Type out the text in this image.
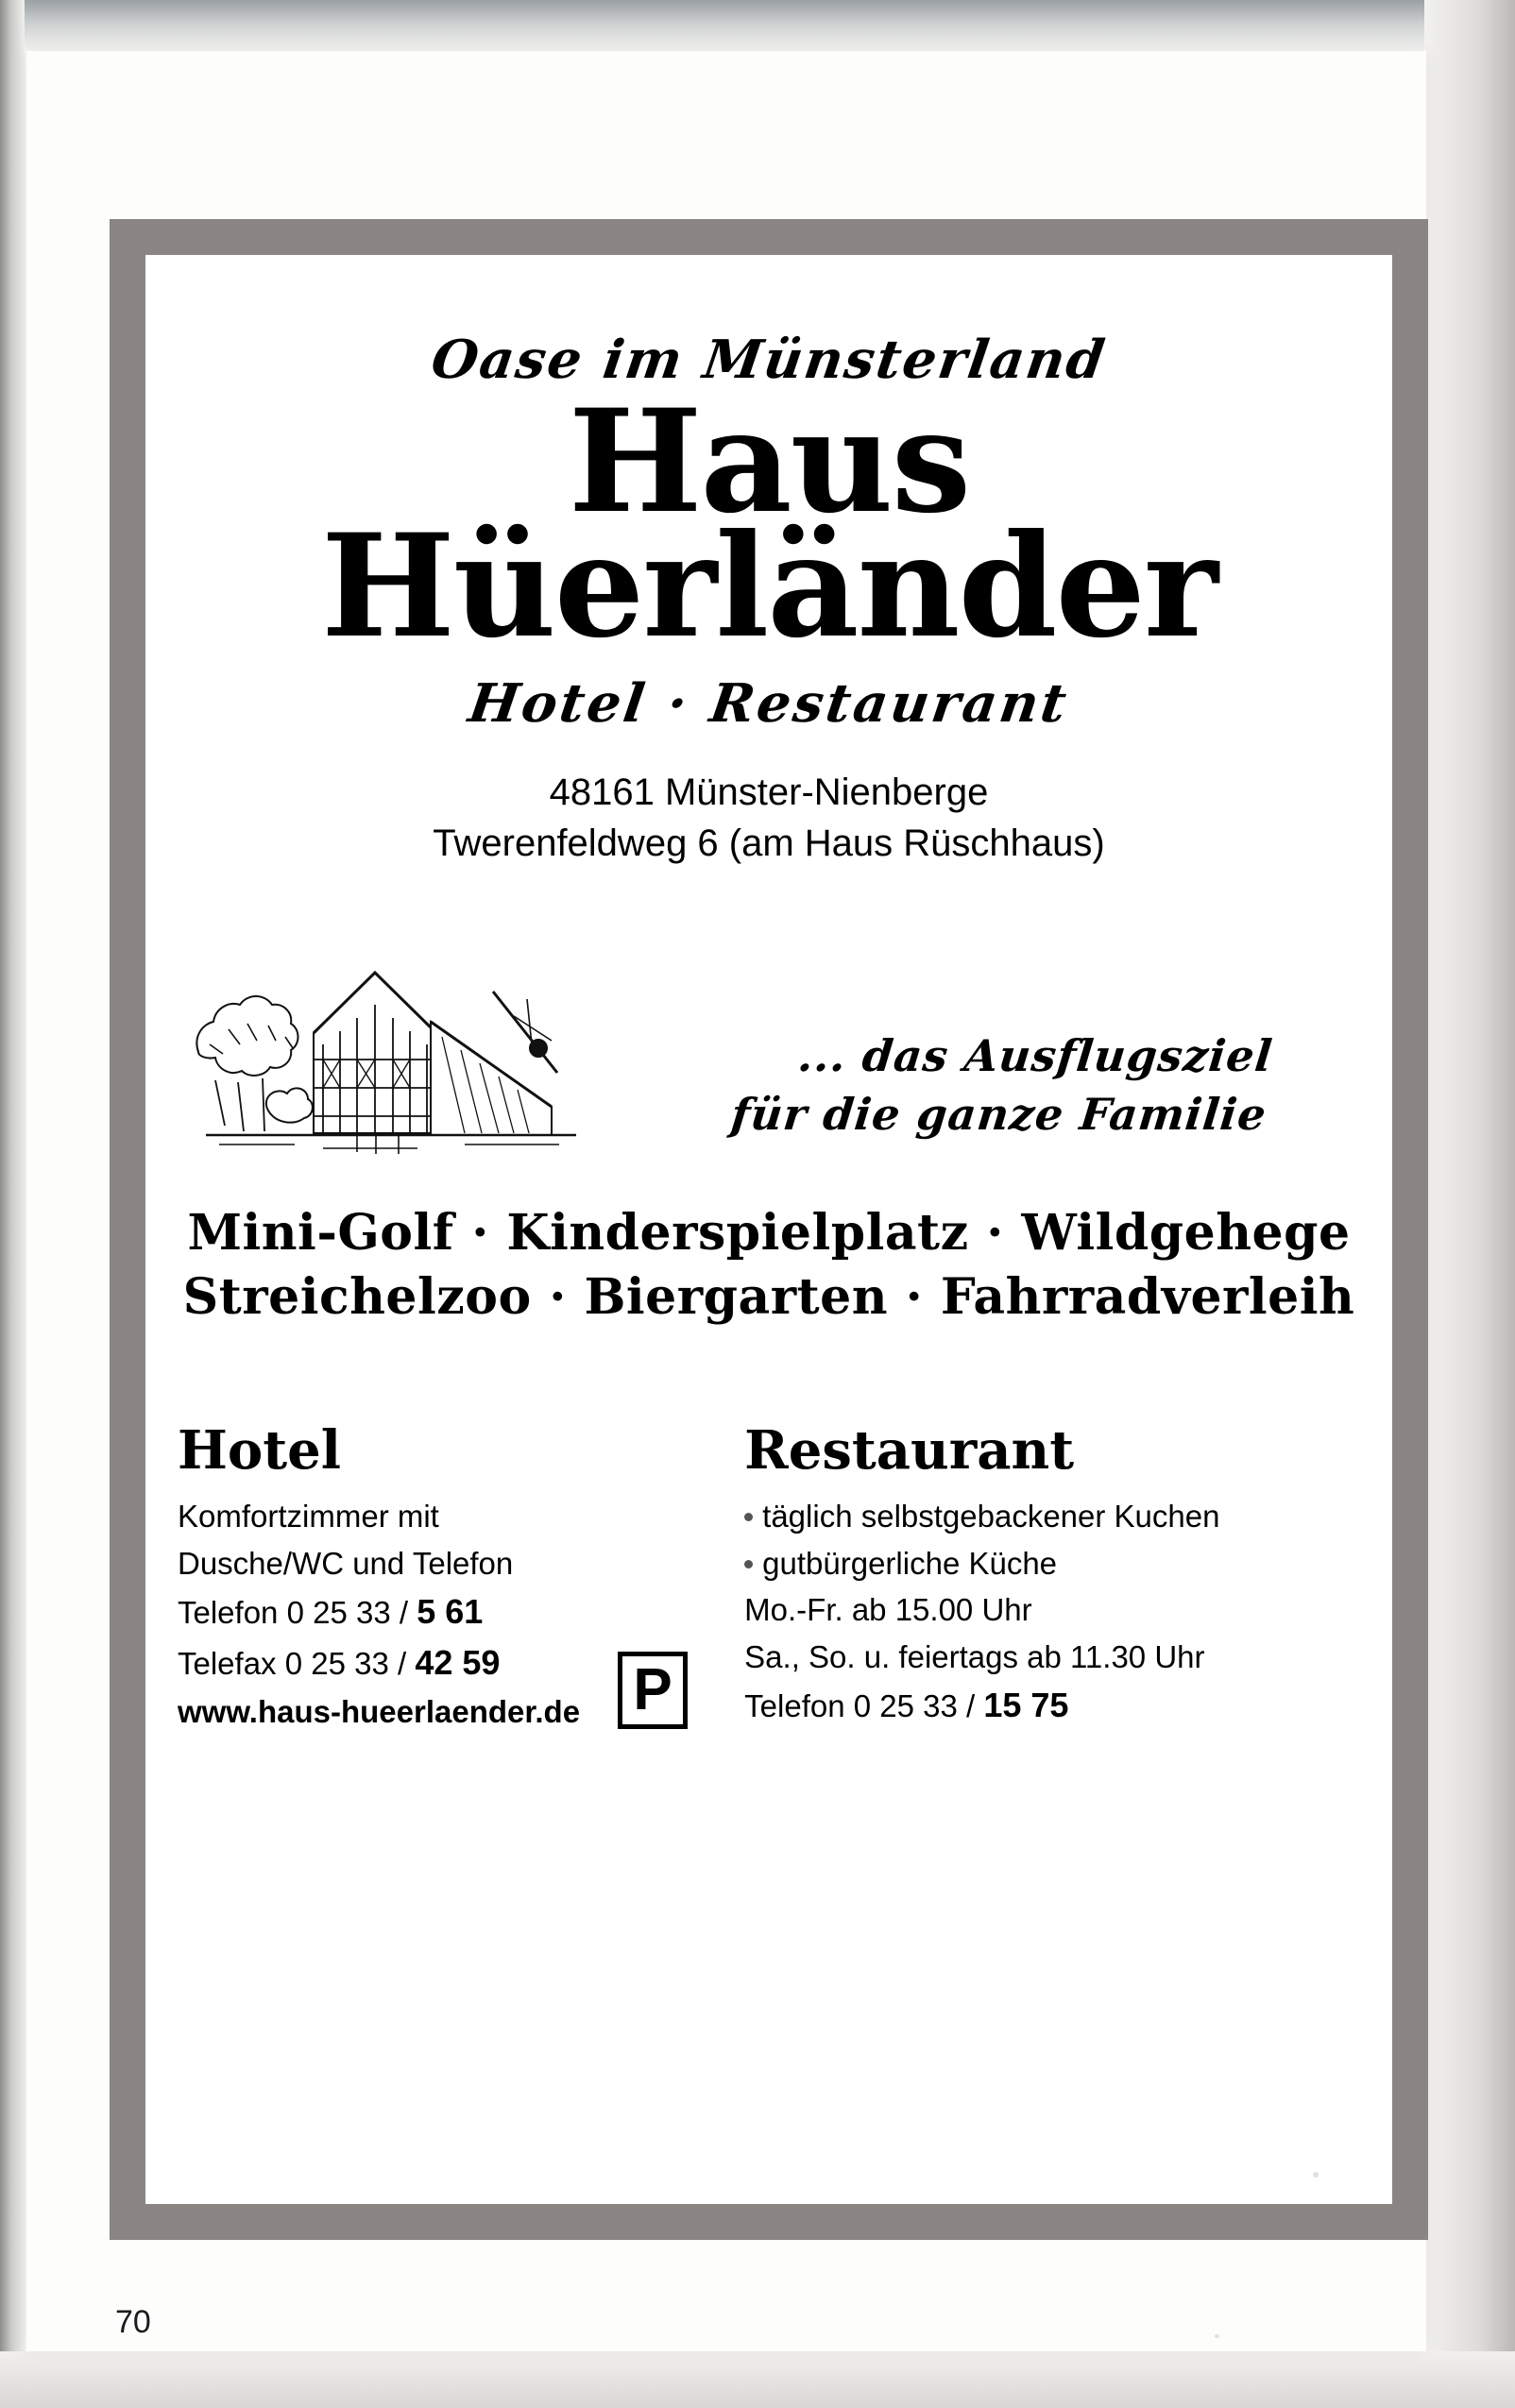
Oase im Münsterland
Haus
Hüerländer
Hotel · Restaurant
48161 Münster-Nienberge
Twerenfeldweg 6 (am Haus Rüschhaus)
... das Ausflugsziel
für die ganze Familie
Mini-Golf · Kinderspielplatz · Wildgehege
Streichelzoo · Biergarten · Fahrradverleih
Hotel
Komfortzimmer mit
Dusche/WC und Telefon
Telefon 0 25 33 / 5 61
Telefax 0 25 33 / 42 59
www.haus-hueerlaender.de
Restaurant
täglich selbstgebackener Kuchen
gutbürgerliche Küche
Mo.-Fr. ab 15.00 Uhr
Sa., So. u. feiertags ab 11.30 Uhr
Telefon 0 25 33 / 15 75
P
70
